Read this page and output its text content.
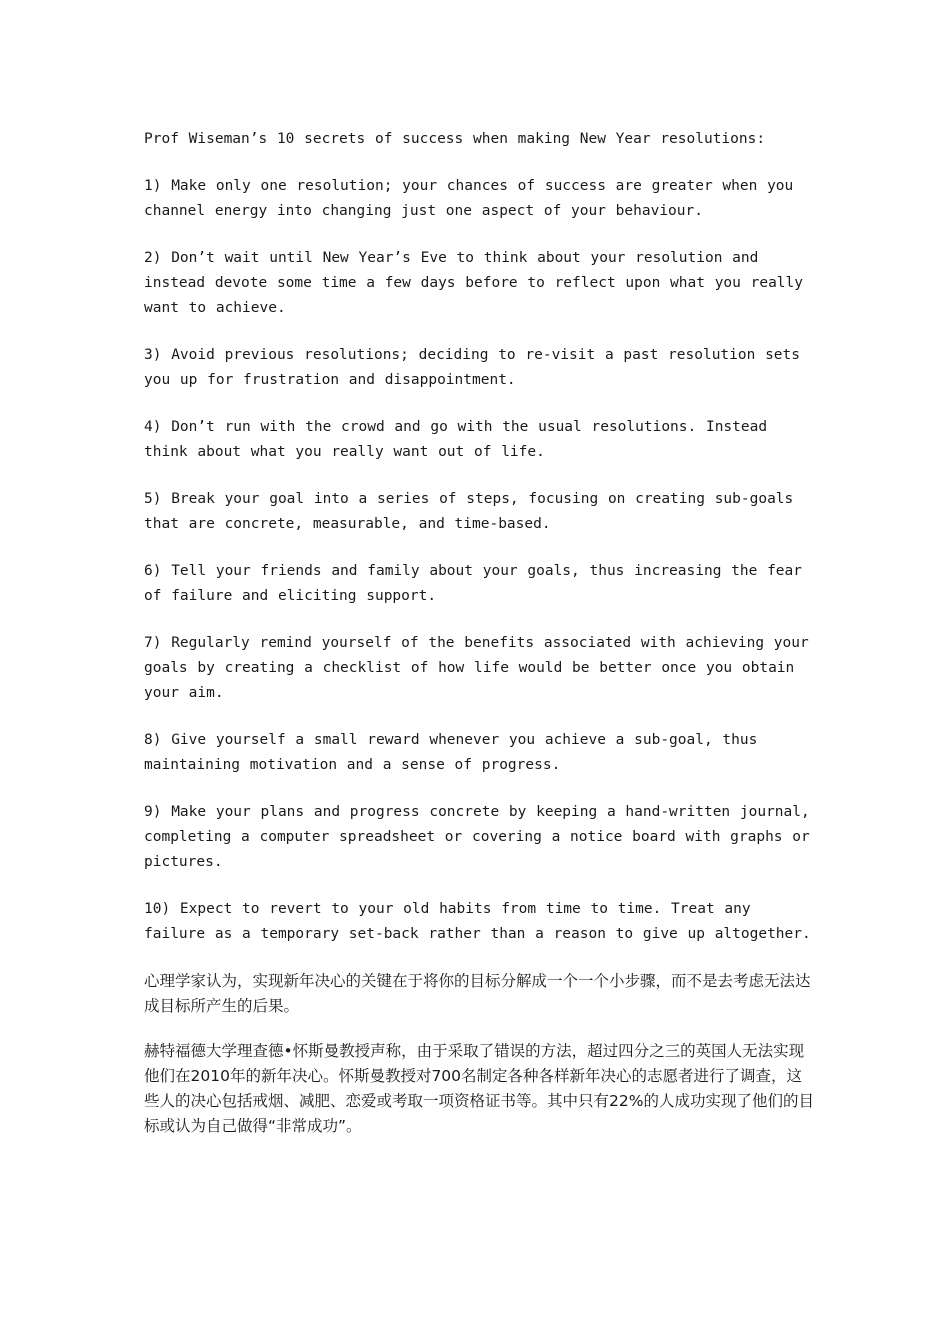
Prof Wiseman’s 10 secrets of success when making New Year resolutions:

1) Make only one resolution; your chances of success are greater when you channel energy into changing just one aspect of your behaviour.

2) Don’t wait until New Year’s Eve to think about your resolution and instead devote some time a few days before to reflect upon what you really want to achieve.

3) Avoid previous resolutions; deciding to re-visit a past resolution sets you up for frustration and disappointment.

4) Don’t run with the crowd and go with the usual resolutions. Instead think about what you really want out of life.

5) Break your goal into a series of steps, focusing on creating sub-goals that are concrete, measurable, and time-based.

6) Tell your friends and family about your goals, thus increasing the fear of failure and eliciting support.

7) Regularly remind yourself of the benefits associated with achieving your goals by creating a checklist of how life would be better once you obtain your aim.

8) Give yourself a small reward whenever you achieve a sub-goal, thus maintaining motivation and a sense of progress.

9) Make your plans and progress concrete by keeping a hand-written journal, completing a computer spreadsheet or covering a notice board with graphs or pictures.

10) Expect to revert to your old habits from time to time. Treat any failure as a temporary set-back rather than a reason to give up altogether.

心理学家认为，实现新年决心的关键在于将你的目标分解成一个一个小步骤，而不是去考虑无法达成目标所产生的后果。

赫特福德大学理查德•怀斯曼教授声称，由于采取了错误的方法，超过四分之三的英国人无法实现他们在2010年的新年决心。怀斯曼教授对700名制定各种各样新年决心的志愿者进行了调查，这些人的决心包括戒烟、减肥、恋爱或考取一项资格证书等。其中只有22%的人成功实现了他们的目标或认为自己做得“非常成功”。
